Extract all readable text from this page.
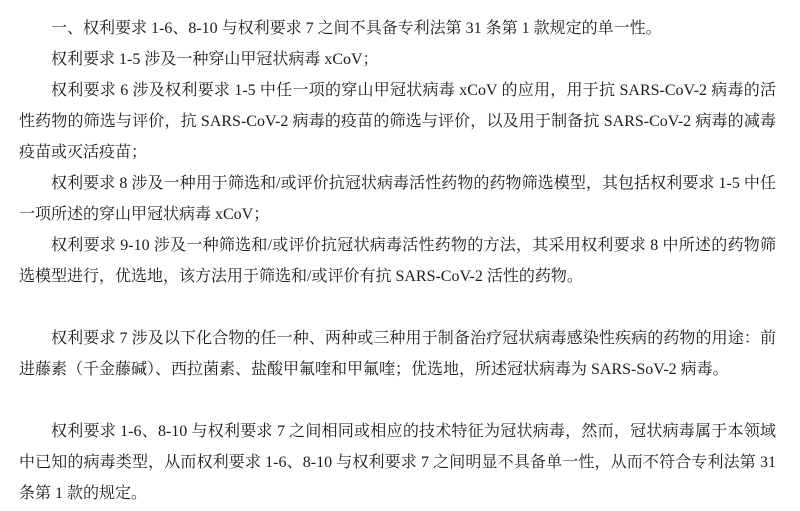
一、权利要求 1-6、8-10 与权利要求 7 之间不具备专利法第 31 条第 1 款规定的单一性。

权利要求 1-5 涉及一种穿山甲冠状病毒 xCoV；

权利要求 6 涉及权利要求 1-5 中任一项的穿山甲冠状病毒 xCoV 的应用，用于抗 SARS-CoV-2 病毒的活性药物的筛选与评价，抗 SARS-CoV-2 病毒的疫苗的筛选与评价，以及用于制备抗 SARS-CoV-2 病毒的减毒疫苗或灭活疫苗；

权利要求 8 涉及一种用于筛选和/或评价抗冠状病毒活性药物的药物筛选模型，其包括权利要求 1-5 中任一项所述的穿山甲冠状病毒 xCoV；

权利要求 9-10 涉及一种筛选和/或评价抗冠状病毒活性药物的方法，其采用权利要求 8 中所述的药物筛选模型进行，优选地，该方法用于筛选和/或评价有抗 SARS-CoV-2 活性的药物。

权利要求 7 涉及以下化合物的任一种、两种或三种用于制备治疗冠状病毒感染性疾病的药物的用途：前进藤素（千金藤碱）、西拉菌素、盐酸甲氟喹和甲氟喹；优选地，所述冠状病毒为 SARS-SoV-2 病毒。

权利要求 1-6、8-10 与权利要求 7 之间相同或相应的技术特征为冠状病毒，然而，冠状病毒属于本领域中已知的病毒类型，从而权利要求 1-6、8-10 与权利要求 7 之间明显不具备单一性，从而不符合专利法第 31 条第 1 款的规定。
